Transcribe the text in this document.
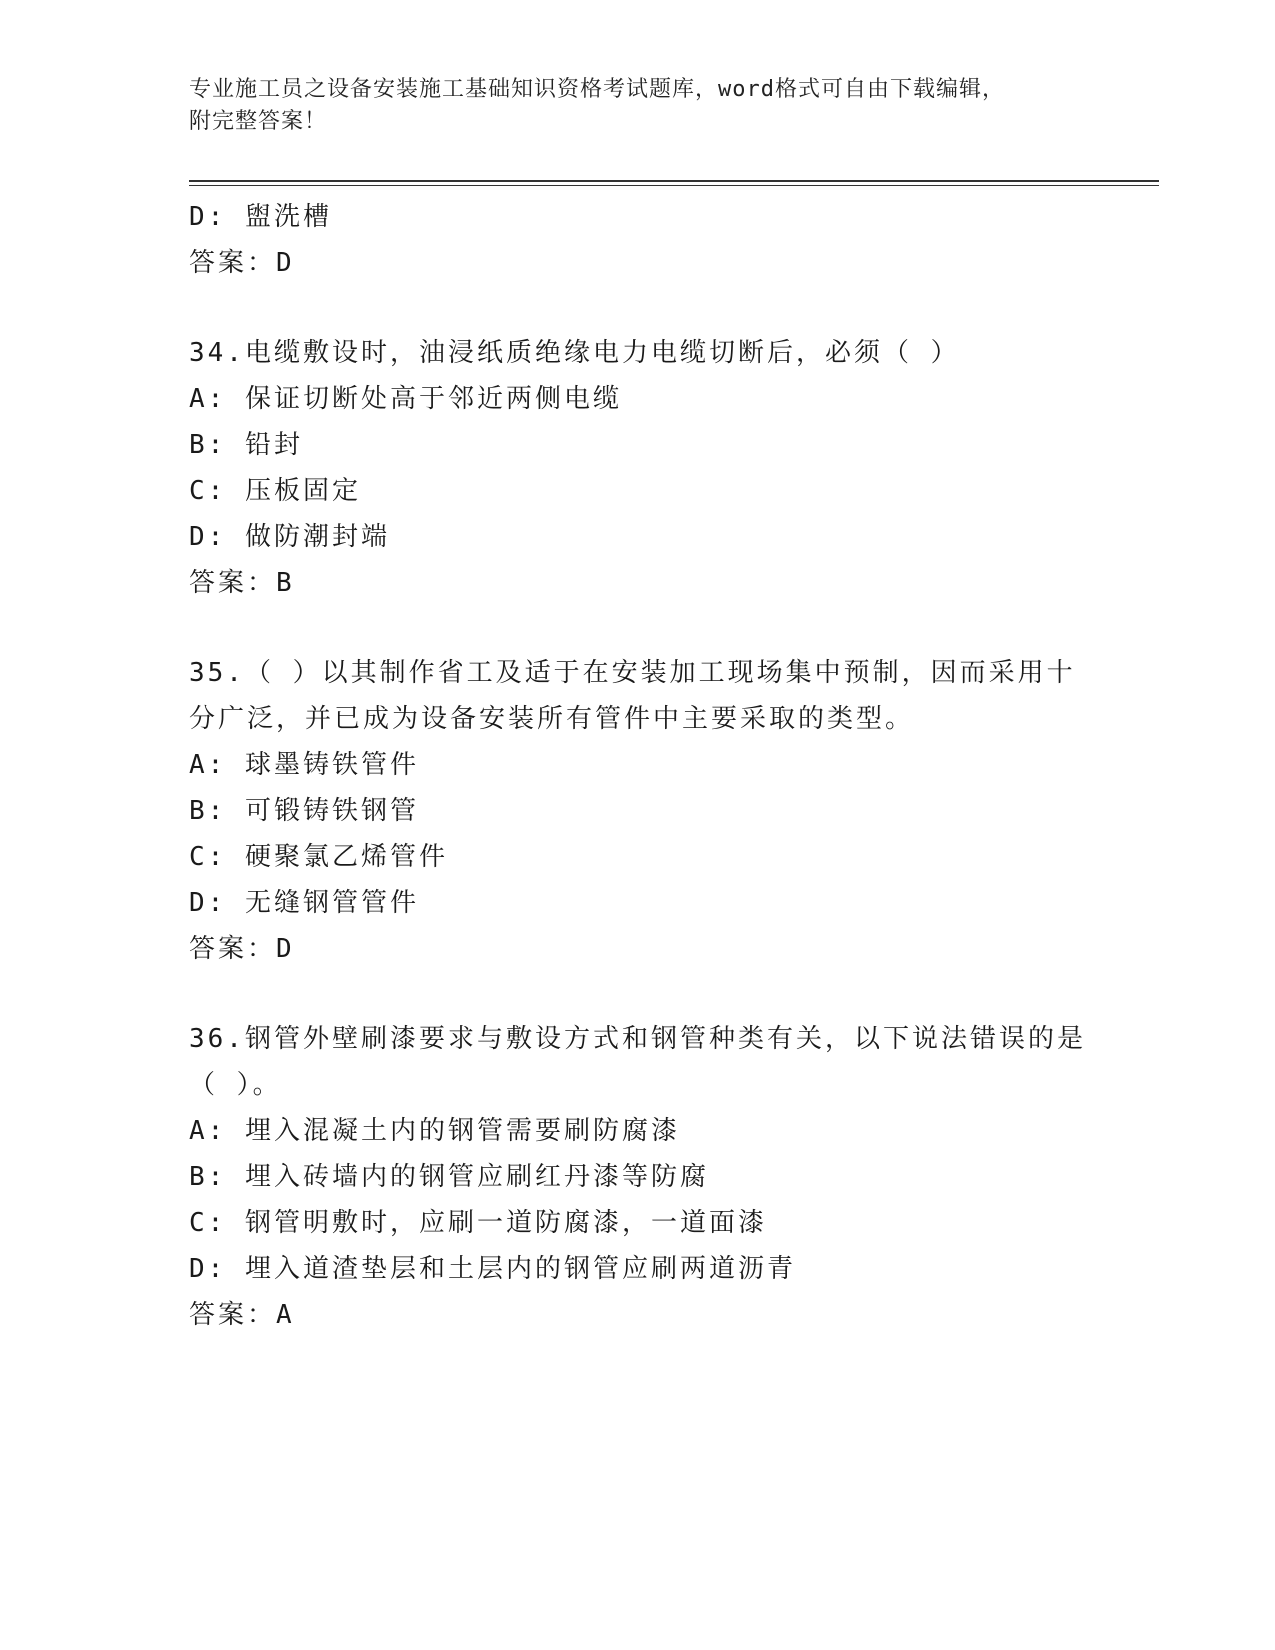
专业施工员之设备安装施工基础知识资格考试题库，word格式可自由下载编辑，
附完整答案！
D: 盥洗槽
答案：D
34.电缆敷设时，油浸纸质绝缘电力电缆切断后，必须（ ）
A: 保证切断处高于邻近两侧电缆
B: 铅封
C: 压板固定
D: 做防潮封端
答案：B
35.（ ）以其制作省工及适于在安装加工现场集中预制，因而采用十
分广泛，并已成为设备安装所有管件中主要采取的类型。
A: 球墨铸铁管件
B: 可锻铸铁钢管
C: 硬聚氯乙烯管件
D: 无缝钢管管件
答案：D
36.钢管外壁刷漆要求与敷设方式和钢管种类有关，以下说法错误的是
（ ）。
A: 埋入混凝土内的钢管需要刷防腐漆
B: 埋入砖墙内的钢管应刷红丹漆等防腐
C: 钢管明敷时，应刷一道防腐漆，一道面漆
D: 埋入道渣垫层和土层内的钢管应刷两道沥青
答案：A
